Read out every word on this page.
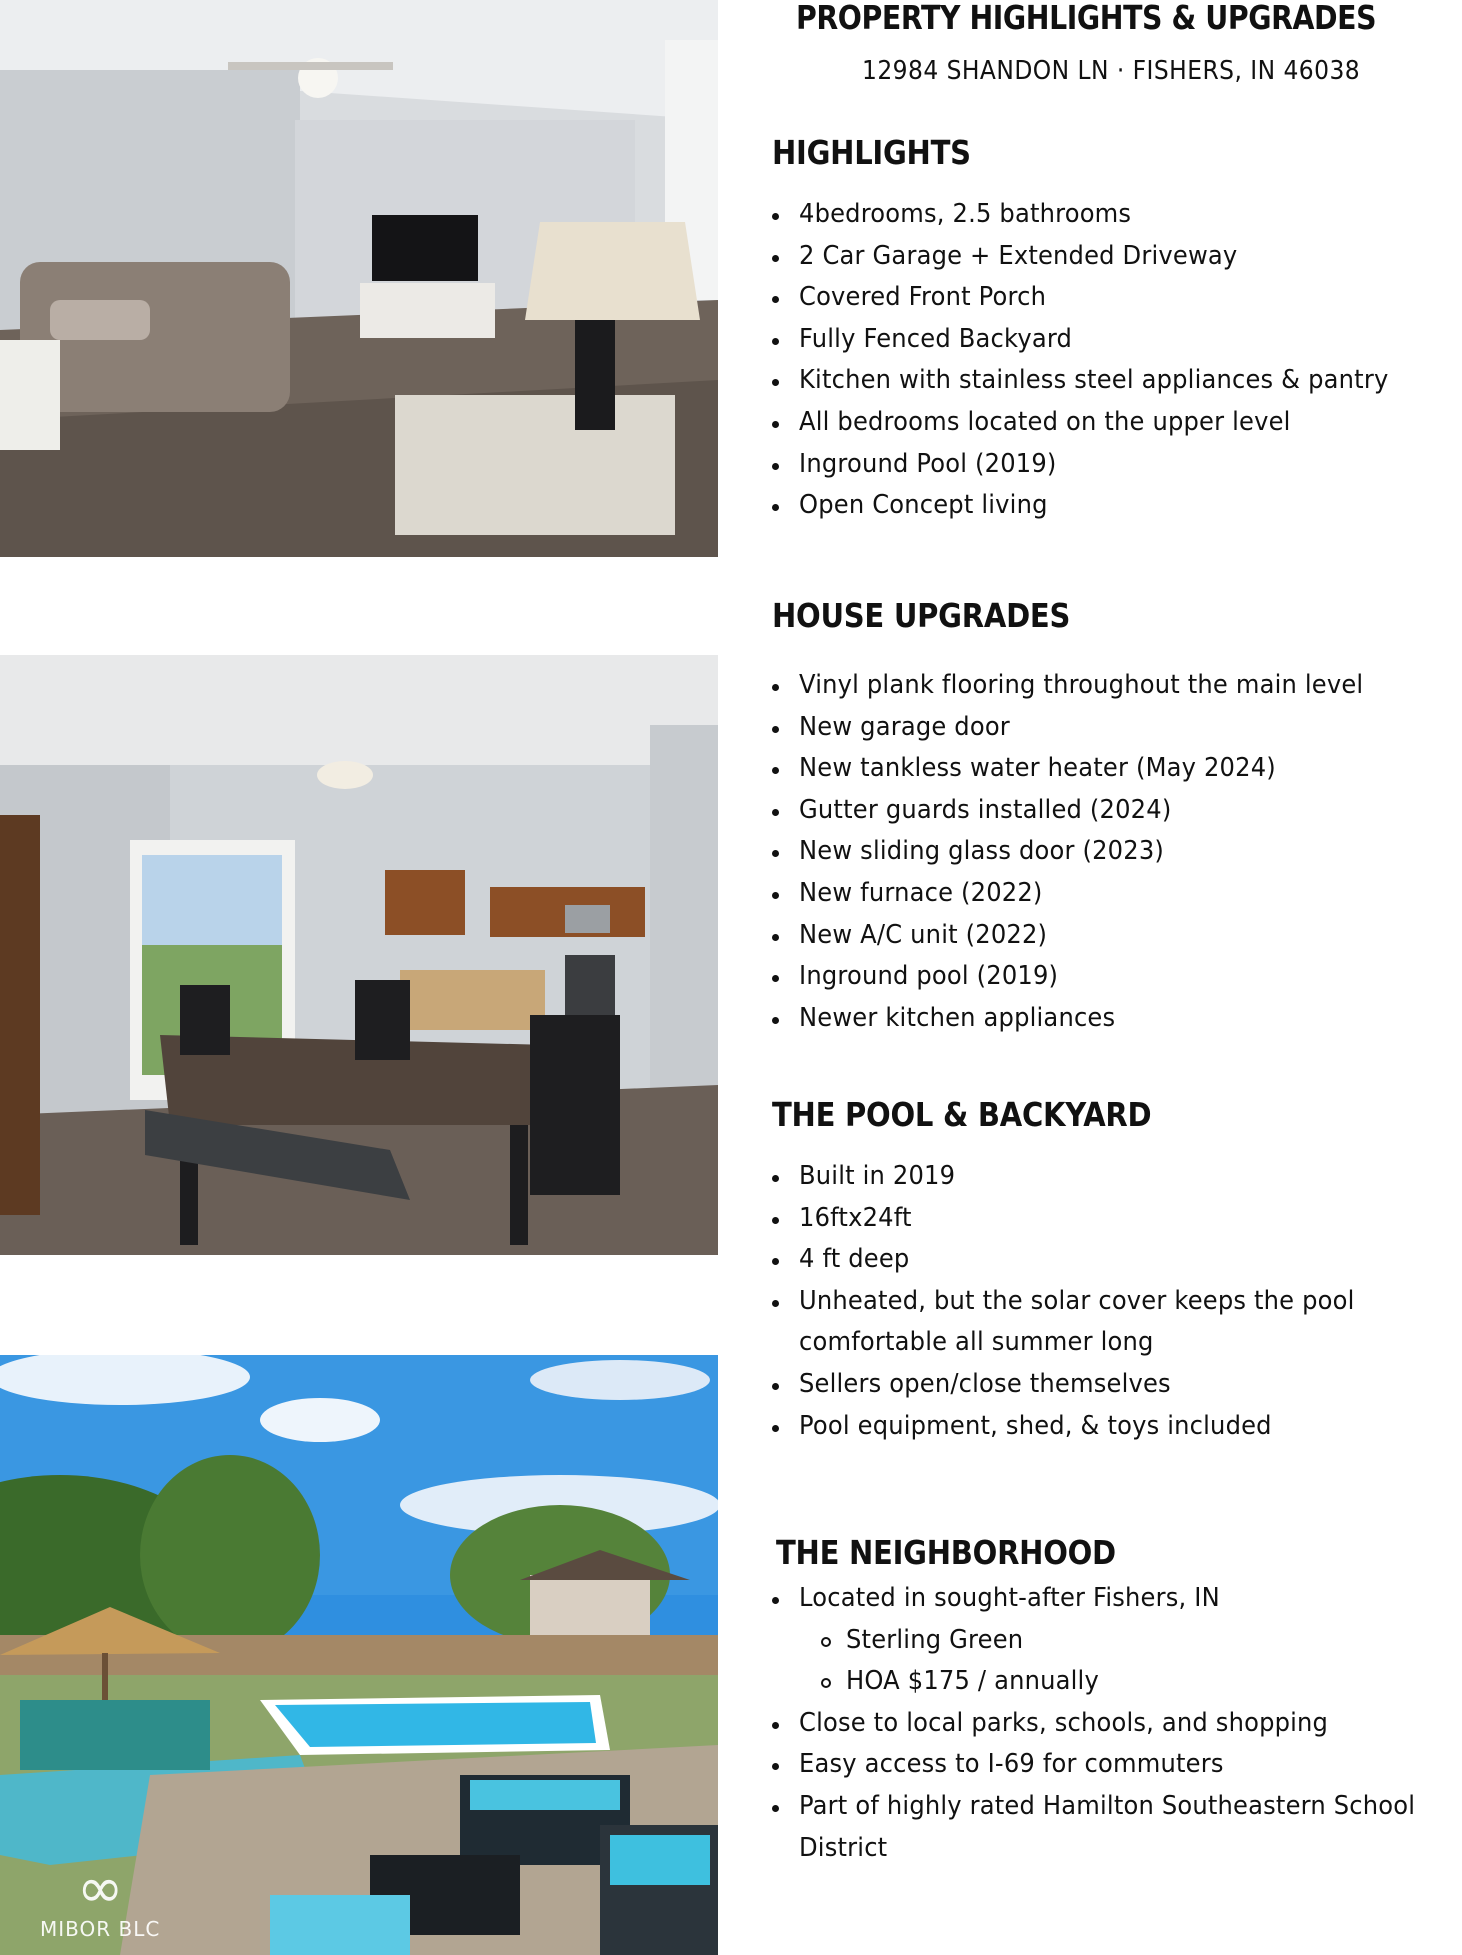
∞
MIBOR BLC
PROPERTY HIGHLIGHTS & UPGRADES
12984 SHANDON LN · FISHERS, IN 46038
HIGHLIGHTS
4bedrooms, 2.5 bathrooms
2 Car Garage + Extended Driveway
Covered Front Porch
Fully Fenced Backyard
Kitchen with stainless steel appliances & pantry
All bedrooms located on the upper level
Inground Pool (2019)
Open Concept living
HOUSE UPGRADES
Vinyl plank flooring throughout the main level
New garage door
New tankless water heater (May 2024)
Gutter guards installed (2024)
New sliding glass door (2023)
New furnace (2022)
New A/C unit (2022)
Inground pool (2019)
Newer kitchen appliances
THE POOL & BACKYARD
Built in 2019
16ftx24ft
4 ft deep
Unheated, but the solar cover keeps the pool
comfortable all summer long
Sellers open/close themselves
Pool equipment, shed, & toys included
THE NEIGHBORHOOD
Located in sought-after Fishers, IN
Sterling Green
HOA $175 / annually
Close to local parks, schools, and shopping
Easy access to I-69 for commuters
Part of highly rated Hamilton Southeastern School
District
